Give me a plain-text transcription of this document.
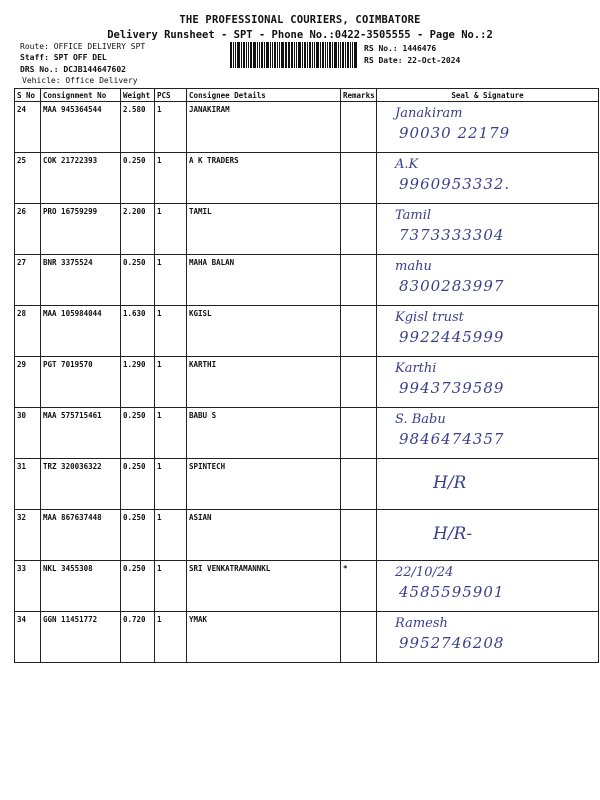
THE PROFESSIONAL COURIERS, COIMBATORE
Delivery Runsheet - SPT - Phone No.:0422-3505555 - Page No.:2
Route: OFFICE DELIVERY SPT
Staff: SPT OFF DEL
DRS No.: DCJB144647602
Vehicle: Office Delivery
RS No.: 1446476
RS Date: 22-Oct-2024
S No	Consignment No	Weight	PCS	Consignee Details	Remarks	Seal & Signature
24	MAA 945364544	2.580	1	JANAKIRAM		Janakiram
90030 22179

25	COK 21722393	0.250	1	A K TRADERS		A.K
9960953332.

26	PRO 16759299	2.200	1	TAMIL		Tamil
7373333304

27	BNR 3375524	0.250	1	MAHA BALAN		mahu
8300283997

28	MAA 105984044	1.630	1	KGISL		Kgisl trust
9922445999

29	PGT 7019570	1.290	1	KARTHI		Karthi
9943739589

30	MAA 575715461	0.250	1	BABU S		S. Babu
9846474357

31	TRZ 320036322	0.250	1	SPINTECH		H/R

32	MAA 867637448	0.250	1	ASIAN		H/R-

33	NKL 3455308	0.250	1	SRI VENKATRAMANNKL	*	22/10/24
4585595901

34	GGN 11451772	0.720	1	YMAK		Ramesh
9952746208
